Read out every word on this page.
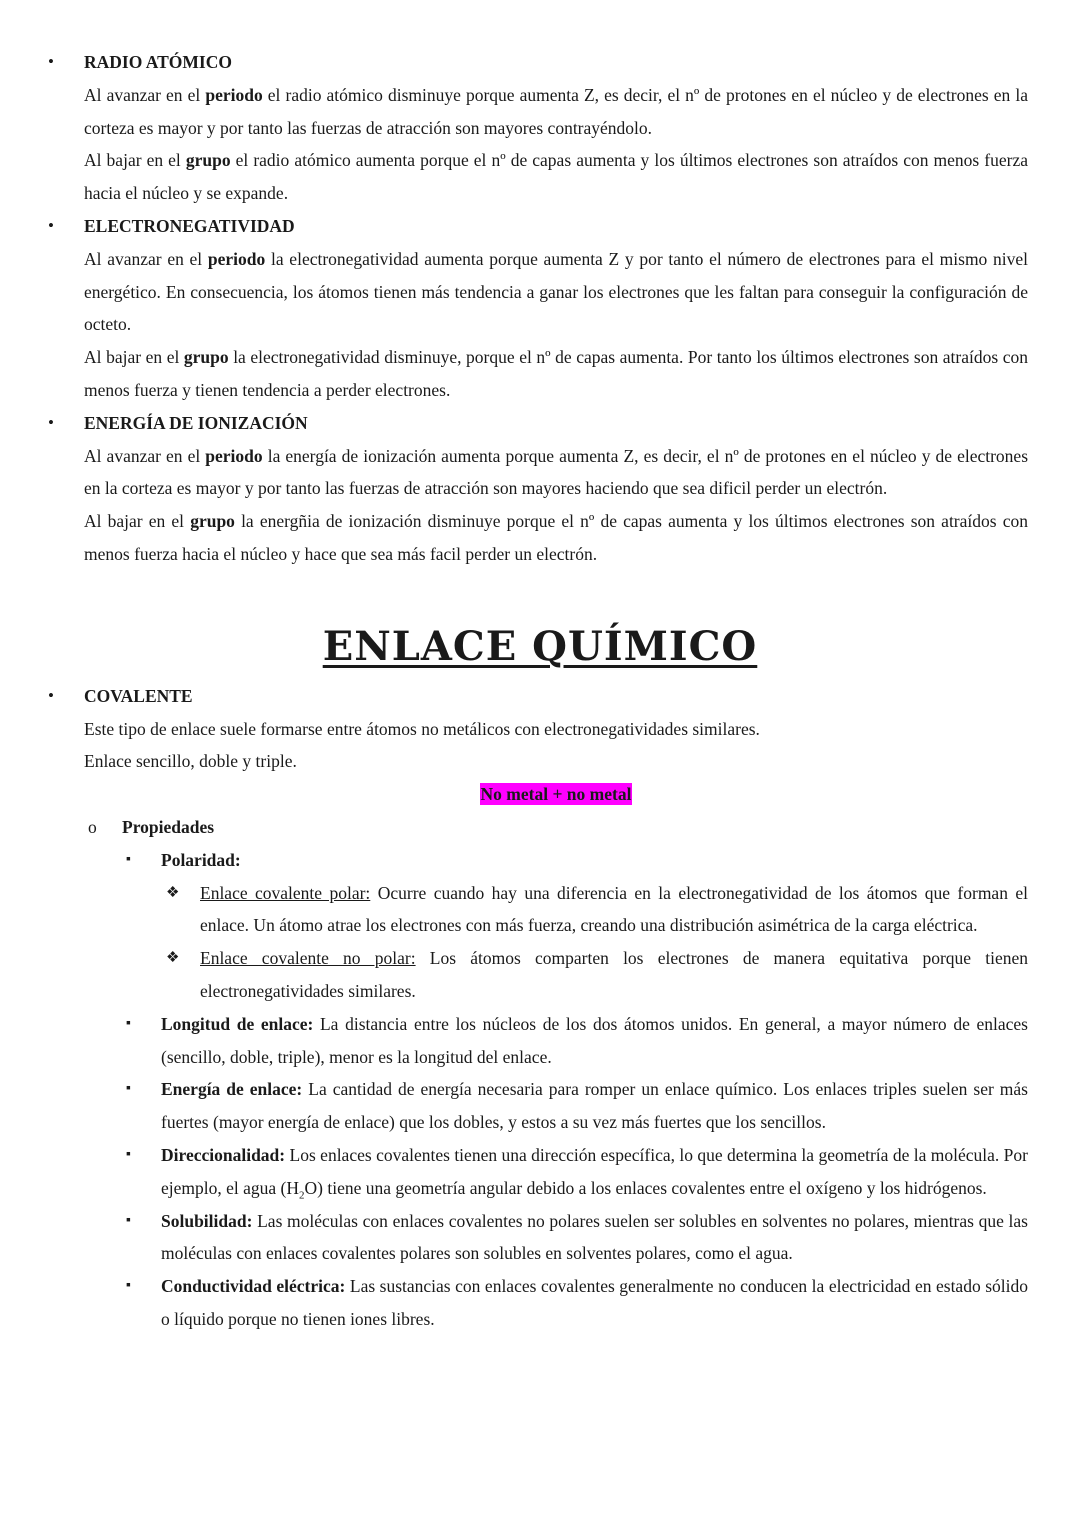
• RADIO ATÓMICO

Al avanzar en el periodo el radio atómico disminuye porque aumenta Z, es decir, el nº de protones en el núcleo y de electrones en la corteza es mayor y por tanto las fuerzas de atracción son mayores contrayéndolo.

Al bajar en el grupo el radio atómico aumenta porque el nº de capas aumenta y los últimos electrones son atraídos con menos fuerza hacia el núcleo y se expande.

• ELECTRONEGATIVIDAD

Al avanzar en el periodo la electronegatividad aumenta porque aumenta Z y por tanto el número de electrones para el mismo nivel energético. En consecuencia, los átomos tienen más tendencia a ganar los electrones que les faltan para conseguir la configuración de octeto.

Al bajar en el grupo la electronegatividad disminuye, porque el nº de capas aumenta. Por tanto los últimos electrones son atraídos con menos fuerza y tienen tendencia a perder electrones.

• ENERGÍA DE IONIZACIÓN

Al avanzar en el periodo la energía de ionización aumenta porque aumenta Z, es decir, el nº de protones en el núcleo y de electrones en la corteza es mayor y por tanto las fuerzas de atracción son mayores haciendo que sea dificil perder un electrón.

Al bajar en el grupo la energñia de ionización disminuye porque el nº de capas aumenta y los últimos electrones son atraídos con menos fuerza hacia el núcleo y hace que sea más facil perder un electrón.

ENLACE QUÍMICO
• COVALENTE

Este tipo de enlace suele formarse entre átomos no metálicos con electronegatividades similares.

Enlace sencillo, doble y triple.

No metal + no metal

o Propiedades

▪ Polaridad:

❖ Enlace covalente polar: Ocurre cuando hay una diferencia en la electronegatividad de los átomos que forman el enlace. Un átomo atrae los electrones con más fuerza, creando una distribución asimétrica de la carga eléctrica.

❖ Enlace covalente no polar: Los átomos comparten los electrones de manera equitativa porque tienen electronegatividades similares.

▪ Longitud de enlace: La distancia entre los núcleos de los dos átomos unidos. En general, a mayor número de enlaces (sencillo, doble, triple), menor es la longitud del enlace.

▪ Energía de enlace: La cantidad de energía necesaria para romper un enlace químico. Los enlaces triples suelen ser más fuertes (mayor energía de enlace) que los dobles, y estos a su vez más fuertes que los sencillos.

▪ Direccionalidad: Los enlaces covalentes tienen una dirección específica, lo que determina la geometría de la molécula. Por ejemplo, el agua $(H_2O)$ tiene una geometría angular debido a los enlaces covalentes entre el oxígeno y los hidrógenos.

▪ Solubilidad: Las moléculas con enlaces covalentes no polares suelen ser solubles en solventes no polares, mientras que las moléculas con enlaces covalentes polares son solubles en solventes polares, como el agua.

▪ Conductividad eléctrica: Las sustancias con enlaces covalentes generalmente no conducen la electricidad en estado sólido o líquido porque no tienen iones libres.
